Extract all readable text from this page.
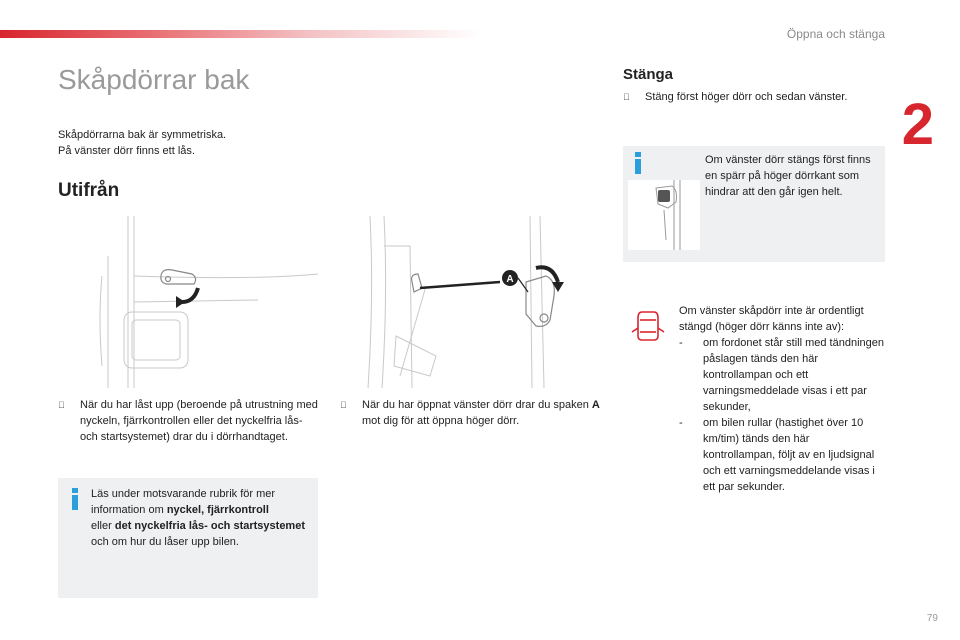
Öppna och stänga
2
Skåpdörrar bak
Skåpdörrarna bak är symmetriska.
På vänster dörr finns ett lås.
Utifrån
A
När du har låst upp (beroende på utrustning med nyckeln, fjärrkontrollen eller det nyckelfria lås- och startsystemet) drar du i dörrhandtaget.
När du har öppnat vänster dörr drar du spaken A mot dig för att öppna höger dörr.
Läs under motsvarande rubrik för mer information om nyckel, fjärrkontroll
eller det nyckelfria lås- och startsystemet och om hur du låser upp bilen.
Stänga
Stäng först höger dörr och sedan vänster.
Om vänster dörr stängs först finns en spärr på höger dörrkant som hindrar att den går igen helt.
Om vänster skåpdörr inte är ordentligt stängd (höger dörr känns inte av):
- om fordonet står still med tändningen påslagen tänds den här kontrollampan och ett varningsmeddelade visas i ett par sekunder,
- om bilen rullar (hastighet över 10 km/tim) tänds den här kontrollampan, följt av en ljudsignal och ett varningsmeddelande visas i ett par sekunder.
79
